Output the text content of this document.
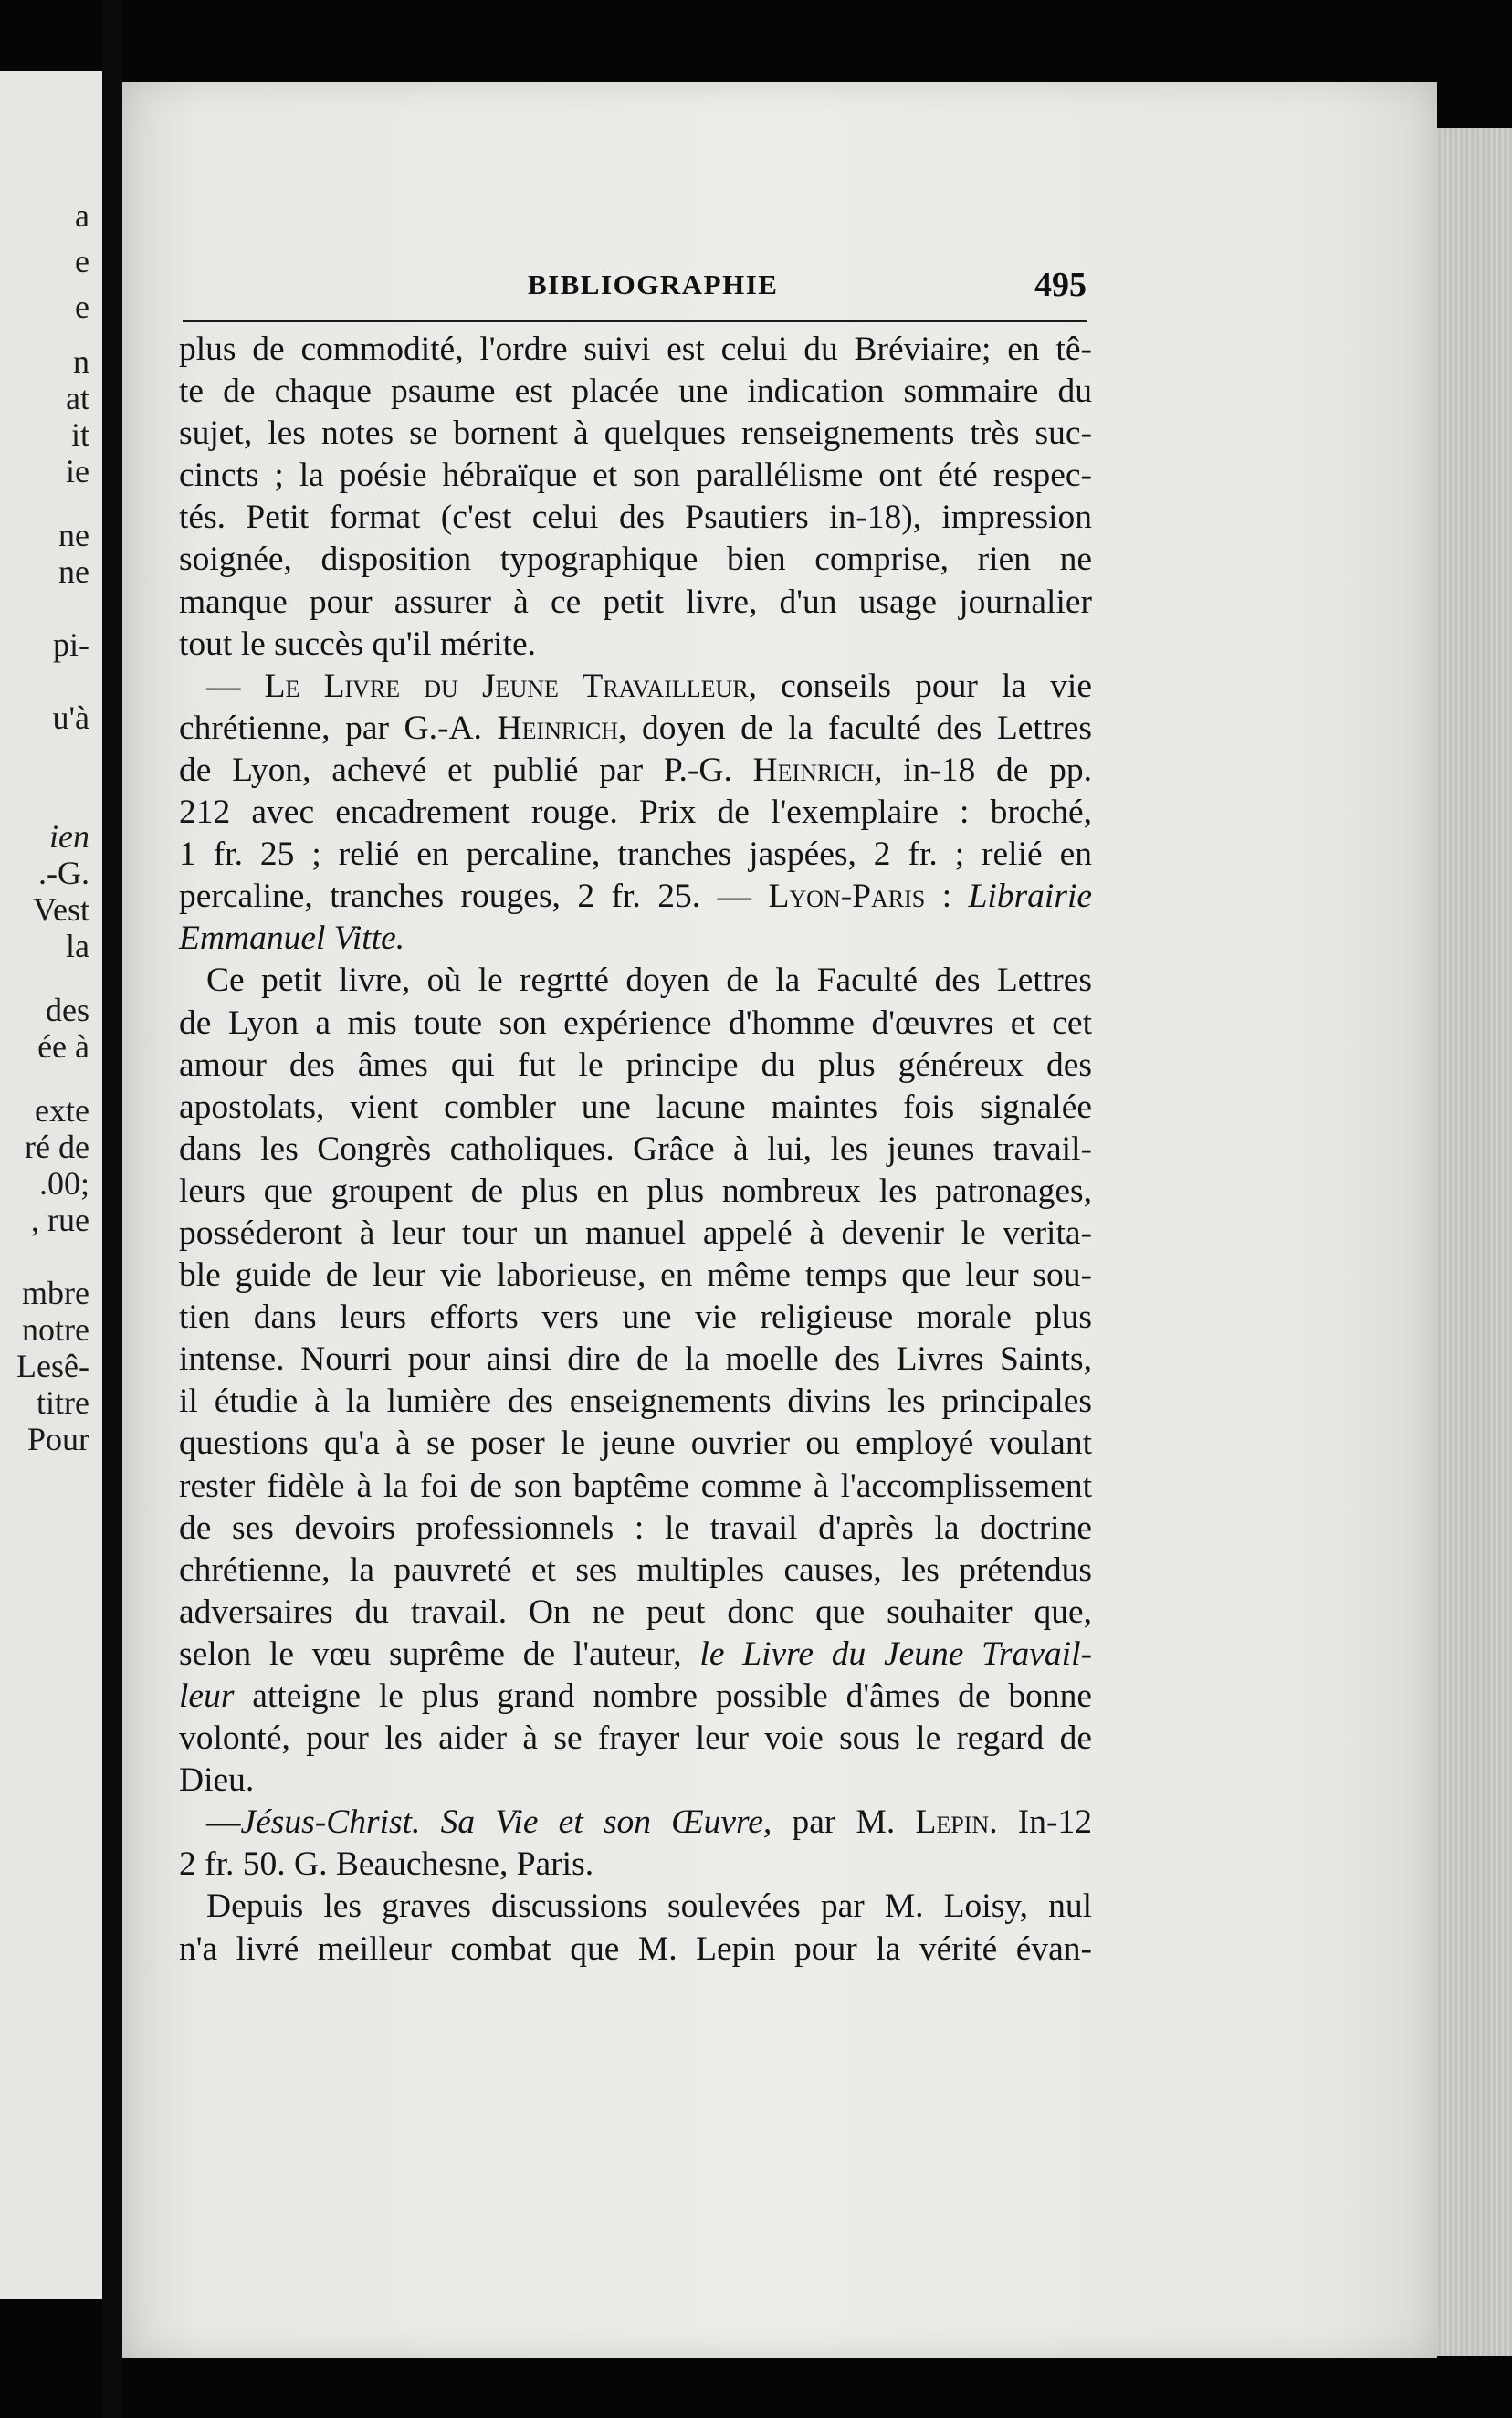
a
e
e
n
at
it
ie
ne
ne
pi-
u'à
ien
.-G.
Vest
la
des
ée à
exte
ré de
.00;
, rue
mbre
notre
Lesê-
titre
Pour
BIBLIOGRAPHIE	495
plus de commodité, l'ordre suivi est celui du Bréviaire; en tê-
te de chaque psaume est placée une indication sommaire du
sujet, les notes se bornent à quelques renseignements très suc-
cincts ; la poésie hébraïque et son parallélisme ont été respec-
tés. Petit format (c'est celui des Psautiers in-18), impression
soignée, disposition typographique bien comprise, rien ne
manque pour assurer à ce petit livre, d'un usage journalier
tout le succès qu'il mérite.
— Le Livre du Jeune Travailleur, conseils pour la vie
chrétienne, par G.-A. Heinrich, doyen de la faculté des Lettres
de Lyon, achevé et publié par P.-G. Heinrich, in-18 de pp.
212 avec encadrement rouge. Prix de l'exemplaire : broché,
1 fr. 25 ; relié en percaline, tranches jaspées, 2 fr. ; relié en
percaline, tranches rouges, 2 fr. 25. — Lyon-Paris : Librairie
Emmanuel Vitte.
Ce petit livre, où le regrtté doyen de la Faculté des Lettres
de Lyon a mis toute son expérience d'homme d'œuvres et cet
amour des âmes qui fut le principe du plus généreux des
apostolats, vient combler une lacune maintes fois signalée
dans les Congrès catholiques. Grâce à lui, les jeunes travail-
leurs que groupent de plus en plus nombreux les patronages,
posséderont à leur tour un manuel appelé à devenir le verita-
ble guide de leur vie laborieuse, en même temps que leur sou-
tien dans leurs efforts vers une vie religieuse morale plus
intense. Nourri pour ainsi dire de la moelle des Livres Saints,
il étudie à la lumière des enseignements divins les principales
questions qu'a à se poser le jeune ouvrier ou employé voulant
rester fidèle à la foi de son baptême comme à l'accomplissement
de ses devoirs professionnels : le travail d'après la doctrine
chrétienne, la pauvreté et ses multiples causes, les prétendus
adversaires du travail. On ne peut donc que souhaiter que,
selon le vœu suprême de l'auteur, le Livre du Jeune Travail-
leur atteigne le plus grand nombre possible d'âmes de bonne
volonté, pour les aider à se frayer leur voie sous le regard de
Dieu.
—Jésus-Christ. Sa Vie et son Œuvre, par M. Lepin. In-12
2 fr. 50. G. Beauchesne, Paris.
Depuis les graves discussions soulevées par M. Loisy, nul
n'a livré meilleur combat que M. Lepin pour la vérité évan-
